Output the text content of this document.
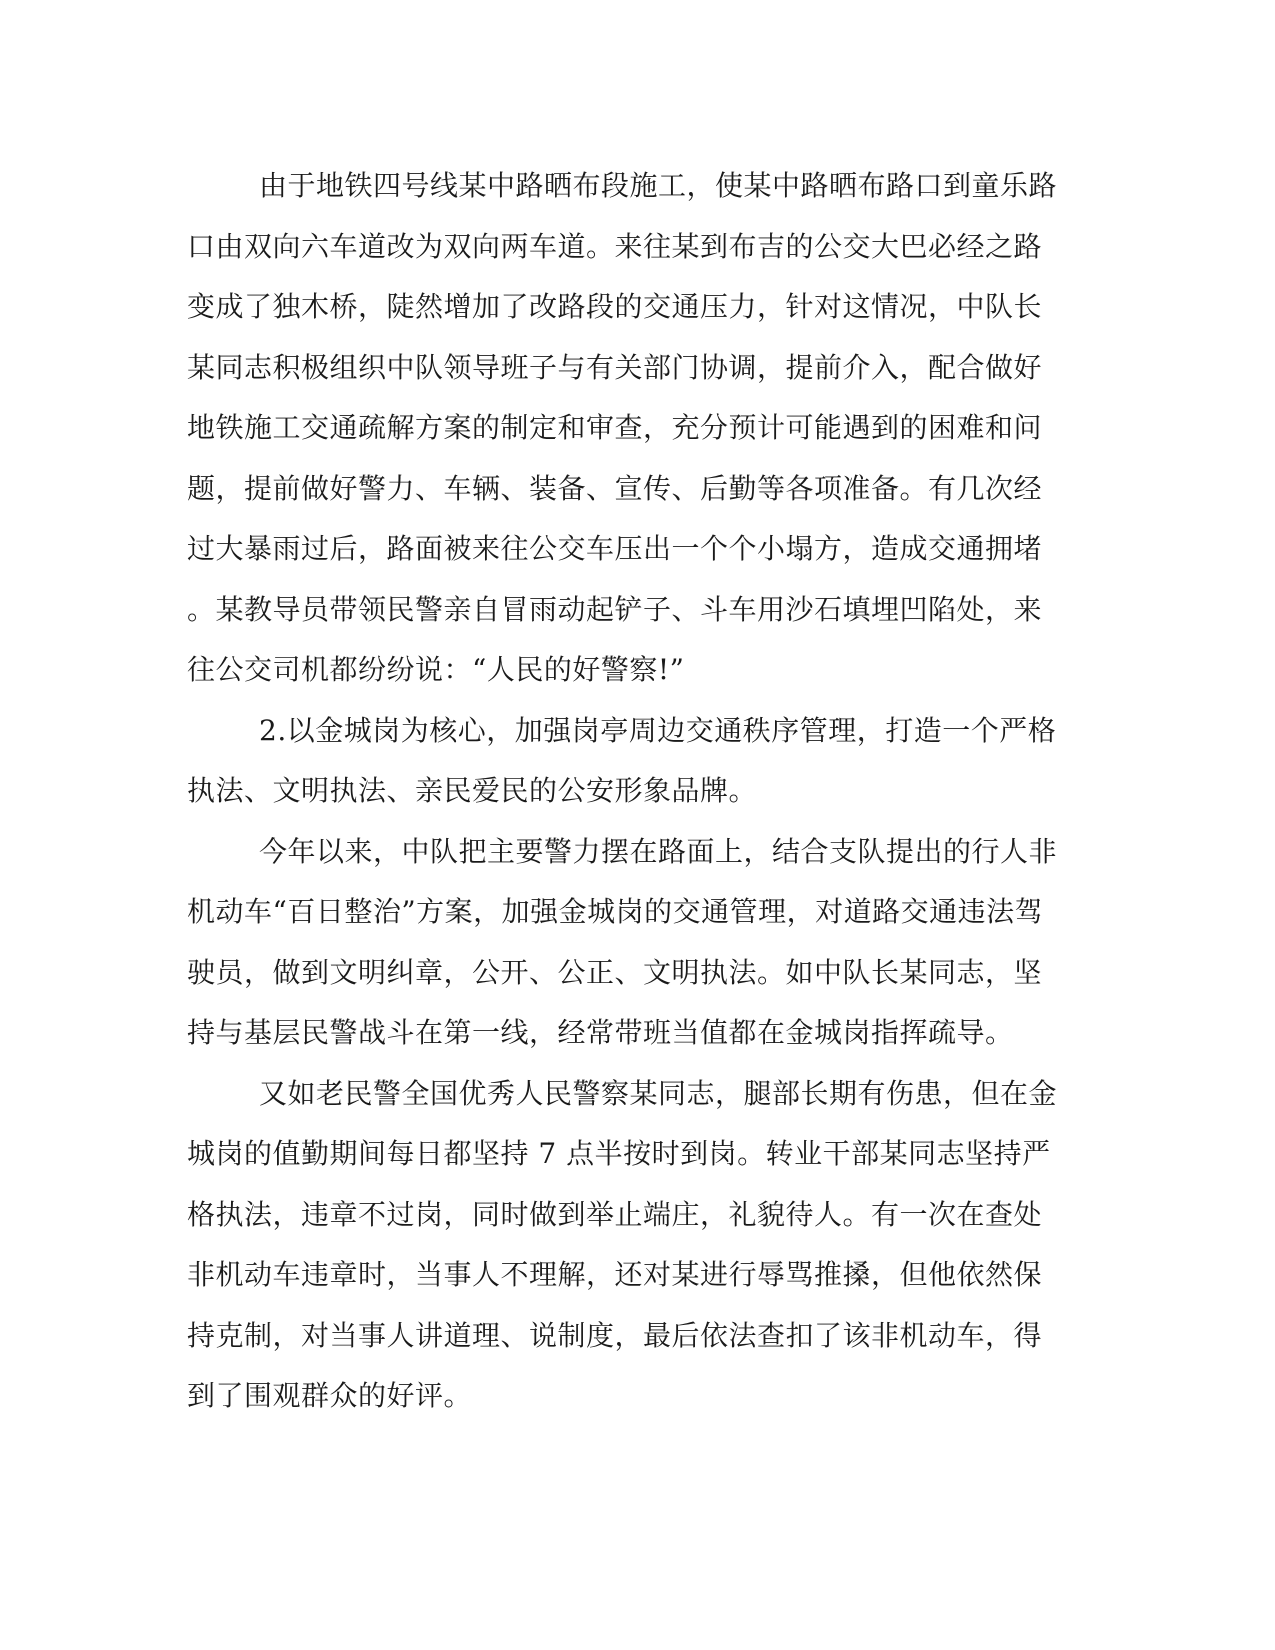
由于地铁四号线某中路晒布段施工，使某中路晒布路口到童乐路
口由双向六车道改为双向两车道。来往某到布吉的公交大巴必经之路
变成了独木桥，陡然增加了改路段的交通压力，针对这情况，中队长
某同志积极组织中队领导班子与有关部门协调，提前介入，配合做好
地铁施工交通疏解方案的制定和审查，充分预计可能遇到的困难和问
题，提前做好警力、车辆、装备、宣传、后勤等各项准备。有几次经
过大暴雨过后，路面被来往公交车压出一个个小塌方，造成交通拥堵
。某教导员带领民警亲自冒雨动起铲子、斗车用沙石填埋凹陷处，来
往公交司机都纷纷说：“人民的好警察!”
2.以金城岗为核心，加强岗亭周边交通秩序管理，打造一个严格
执法、文明执法、亲民爱民的公安形象品牌。
今年以来，中队把主要警力摆在路面上，结合支队提出的行人非
机动车“百日整治”方案，加强金城岗的交通管理，对道路交通违法驾
驶员，做到文明纠章，公开、公正、文明执法。如中队长某同志，坚
持与基层民警战斗在第一线，经常带班当值都在金城岗指挥疏导。
又如老民警全国优秀人民警察某同志，腿部长期有伤患，但在金
城岗的值勤期间每日都坚持 7 点半按时到岗。转业干部某同志坚持严
格执法，违章不过岗，同时做到举止端庄，礼貌待人。有一次在查处
非机动车违章时，当事人不理解，还对某进行辱骂推搡，但他依然保
持克制，对当事人讲道理、说制度，最后依法查扣了该非机动车，得
到了围观群众的好评。
